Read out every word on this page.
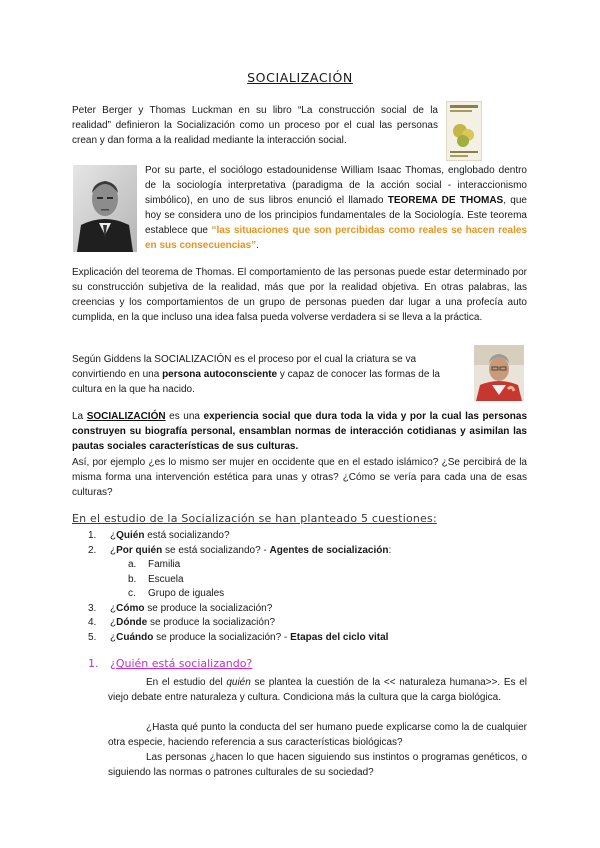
SOCIALIZACIÓN
Peter Berger y Thomas Luckman en su libro “La construcción social de la realidad” definieron la Socialización como un proceso por el cual las personas crean y dan forma a la realidad mediante la interacción social.
Por su parte, el sociólogo estadounidense William Isaac Thomas, englobado dentro de la sociología interpretativa (paradigma de la acción social - interaccionismo simbólico), en uno de sus libros enunció el llamado TEOREMA DE THOMAS, que hoy se considera uno de los principios fundamentales de la Sociología. Este teorema establece que “las situaciones que son percibidas como reales se hacen reales en sus consecuencias”.
Explicación del teorema de Thomas. El comportamiento de las personas puede estar determinado por su construcción subjetiva de la realidad, más que por la realidad objetiva. En otras palabras, las creencias y los comportamientos de un grupo de personas pueden dar lugar a una profecía auto cumplida, en la que incluso una idea falsa pueda volverse verdadera si se lleva a la práctica.
Según Giddens la SOCIALIZACIÓN es el proceso por el cual la criatura se va convirtiendo en una persona autoconsciente y capaz de conocer las formas de la cultura en la que ha nacido.
La SOCIALIZACIÓN es una experiencia social que dura toda la vida y por la cual las personas construyen su biografía personal, ensamblan normas de interacción cotidianas y asimilan las pautas sociales características de sus culturas.
Así, por ejemplo ¿es lo mismo ser mujer en occidente que en el estado islámico? ¿Se percibirá de la misma forma una intervención estética para unas y otras? ¿Cómo se vería para cada una de esas culturas?
En el estudio de la Socialización se han planteado 5 cuestiones:
1. ¿Quién está socializando?
2. ¿Por quién se está socializando? - Agentes de socialización:
a. Familia
b. Escuela
c. Grupo de iguales
3. ¿Cómo se produce la socialización?
4. ¿Dónde se produce la socialización?
5. ¿Cuándo se produce la socialización? - Etapas del ciclo vital
1. ¿Quién está socializando?
En el estudio del quién se plantea la cuestión de la << naturaleza humana>>. Es el viejo debate entre naturaleza y cultura. Condiciona más la cultura que la carga biológica.
¿Hasta qué punto la conducta del ser humano puede explicarse como la de cualquier otra especie, haciendo referencia a sus características biológicas?
Las personas ¿hacen lo que hacen siguiendo sus instintos o programas genéticos, o siguiendo las normas o patrones culturales de su sociedad?
